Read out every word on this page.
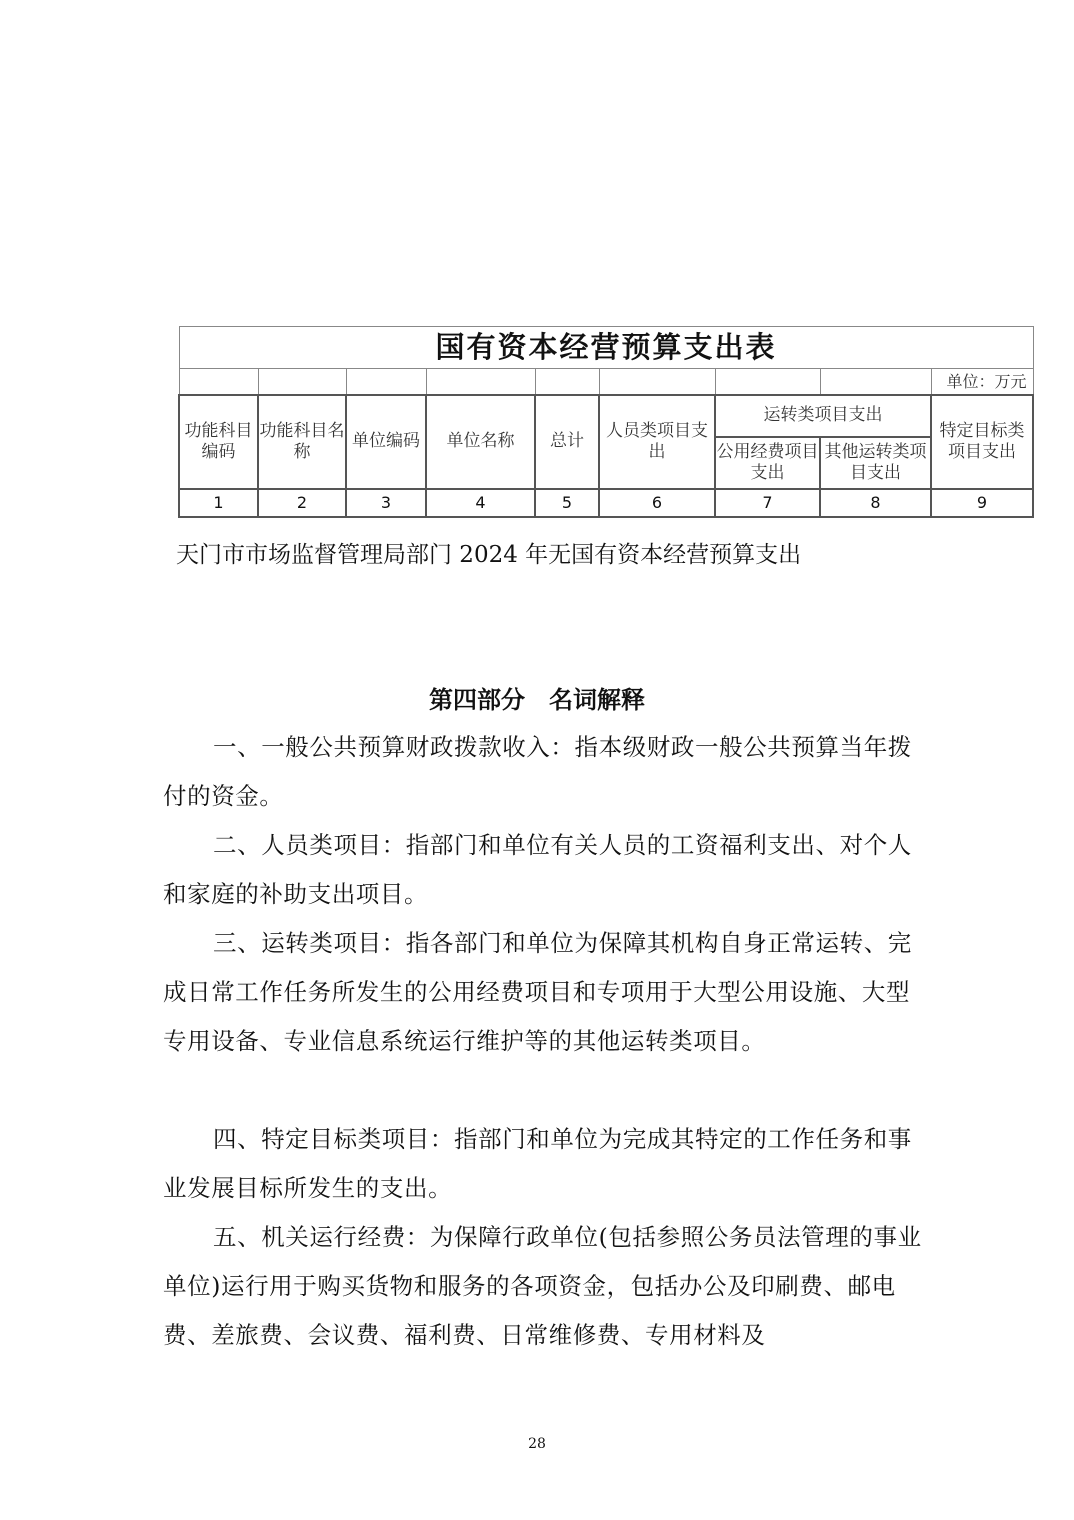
国有资本经营预算支出表								
								单位：万元
功能科目编码	功能科目名称	单位编码	单位名称	总计	人员类项目支出	运转类项目支出		特定目标类项目支出
						公用经费项目支出	其他运转类项目支出	
1	2	3	4	5	6	7	8	9
天门市市场监督管理局部门 2024 年无国有资本经营预算支出
第四部分　名词解释

一、一般公共预算财政拨款收入：指本级财政一般公共预算当年拨付的资金。

二、人员类项目：指部门和单位有关人员的工资福利支出、对个人和家庭的补助支出项目。

三、运转类项目：指各部门和单位为保障其机构自身正常运转、完成日常工作任务所发生的公用经费项目和专项用于大型公用设施、大型专用设备、专业信息系统运行维护等的其他运转类项目。

四、特定目标类项目：指部门和单位为完成其特定的工作任务和事业发展目标所发生的支出。

五、机关运行经费：为保障行政单位(包括参照公务员法管理的事业单位)运行用于购买货物和服务的各项资金，包括办公及印刷费、邮电费、差旅费、会议费、福利费、日常维修费、专用材料及

28
